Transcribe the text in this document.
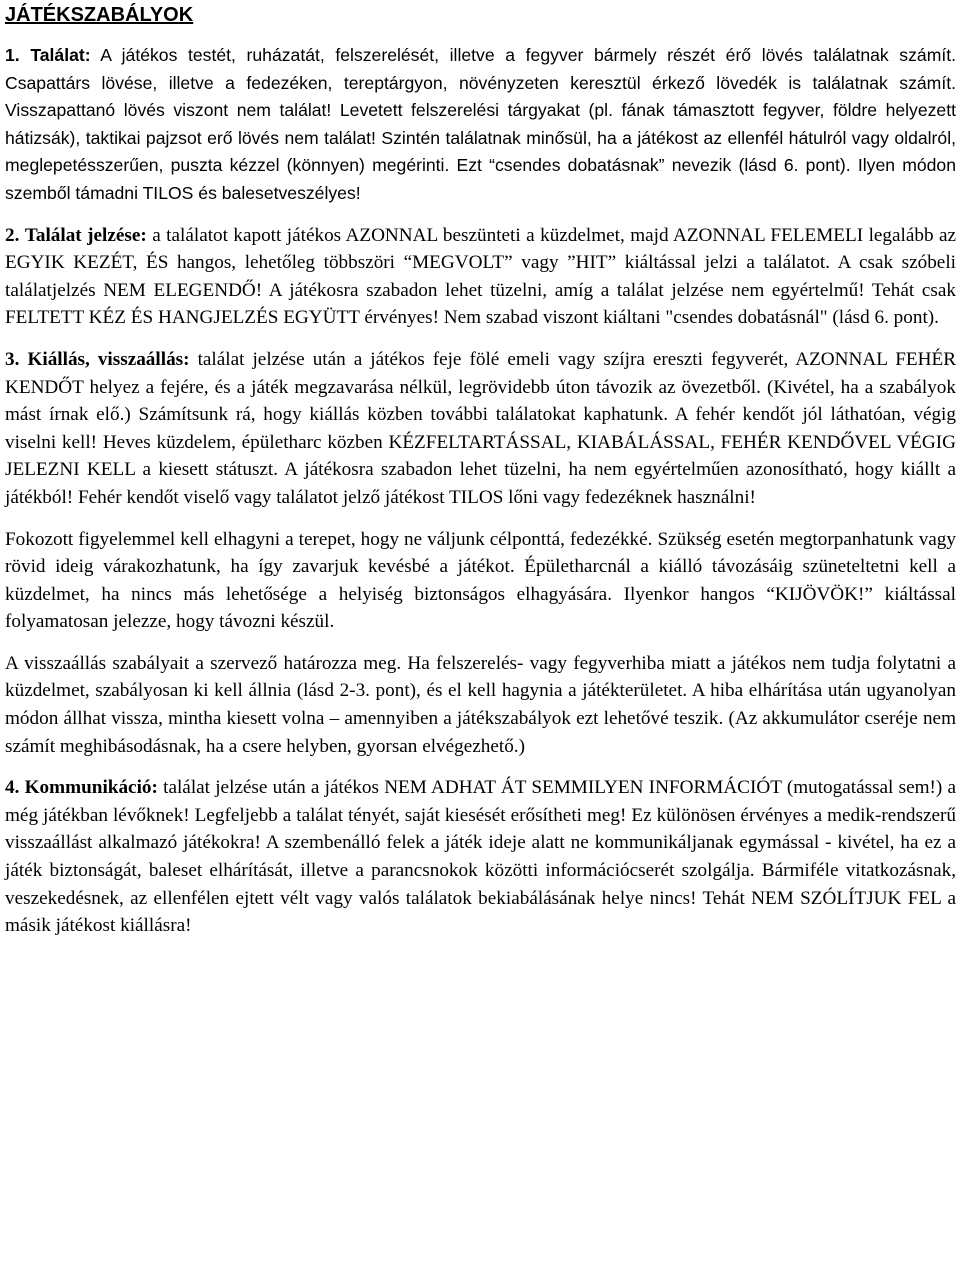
JÁTÉKSZABÁLYOK

1. Találat: A játékos testét, ruházatát, felszerelését, illetve a fegyver bármely részét érő lövés találatnak számít. Csapattárs lövése, illetve a fedezéken, tereptárgyon, növényzeten keresztül érkező lövedék is találatnak számít. Visszapattanó lövés viszont nem találat! Levetett felszerelési tárgyakat (pl. fának támasztott fegyver, földre helyezett hátizsák), taktikai pajzsot erő lövés nem találat! Szintén találatnak minősül, ha a játékost az ellenfél hátulról vagy oldalról, meglepetésszerűen, puszta kézzel (könnyen) megérinti. Ezt “csendes dobatásnak” nevezik (lásd 6. pont). Ilyen módon szemből támadni TILOS és balesetveszélyes!

2. Találat jelzése: a találatot kapott játékos AZONNAL beszünteti a küzdelmet, majd AZONNAL FELEMELI legalább az EGYIK KEZÉT, ÉS hangos, lehetőleg többszöri “MEGVOLT” vagy ”HIT” kiáltással jelzi a találatot. A csak szóbeli találatjelzés NEM ELEGENDŐ! A játékosra szabadon lehet tüzelni, amíg a találat jelzése nem egyértelmű! Tehát csak FELTETT KÉZ ÉS HANGJELZÉS EGYÜTT érvényes! Nem szabad viszont kiáltani "csendes dobatásnál" (lásd 6. pont).

3. Kiállás, visszaállás: találat jelzése után a játékos feje fölé emeli vagy szíjra ereszti fegyverét, AZONNAL FEHÉR KENDŐT helyez a fejére, és a játék megzavarása nélkül, legrövidebb úton távozik az övezetből. (Kivétel, ha a szabályok mást írnak elő.) Számítsunk rá, hogy kiállás közben további találatokat kaphatunk. A fehér kendőt jól láthatóan, végig viselni kell! Heves küzdelem, épületharc közben KÉZFELTARTÁSSAL, KIABÁLÁSSAL, FEHÉR KENDŐVEL VÉGIG JELEZNI KELL a kiesett státuszt. A játékosra szabadon lehet tüzelni, ha nem egyértelműen azonosítható, hogy kiállt a játékból! Fehér kendőt viselő vagy találatot jelző játékost TILOS lőni vagy fedezéknek használni!

Fokozott figyelemmel kell elhagyni a terepet, hogy ne váljunk célponttá, fedezékké. Szükség esetén megtorpanhatunk vagy rövid ideig várakozhatunk, ha így zavarjuk kevésbé a játékot. Épületharcnál a kiálló távozásáig szüneteltetni kell a küzdelmet, ha nincs más lehetősége a helyiség biztonságos elhagyására. Ilyenkor hangos “KIJÖVÖK!” kiáltással folyamatosan jelezze, hogy távozni készül.

A visszaállás szabályait a szervező határozza meg. Ha felszerelés- vagy fegyverhiba miatt a játékos nem tudja folytatni a küzdelmet, szabályosan ki kell állnia (lásd 2-3. pont), és el kell hagynia a játékterületet. A hiba elhárítása után ugyanolyan módon állhat vissza, mintha kiesett volna – amennyiben a játékszabályok ezt lehetővé teszik. (Az akkumulátor cseréje nem számít meghibásodásnak, ha a csere helyben, gyorsan elvégezhető.)

4. Kommunikáció: találat jelzése után a játékos NEM ADHAT ÁT SEMMILYEN INFORMÁCIÓT (mutogatással sem!) a még játékban lévőknek! Legfeljebb a találat tényét, saját kiesését erősítheti meg! Ez különösen érvényes a medik-rendszerű visszaállást alkalmazó játékokra! A szembenálló felek a játék ideje alatt ne kommunikáljanak egymással - kivétel, ha ez a játék biztonságát, baleset elhárítását, illetve a parancsnokok közötti információcserét szolgálja. Bármiféle vitatkozásnak, veszekedésnek, az ellenfélen ejtett vélt vagy valós találatok bekiabálásának helye nincs! Tehát NEM SZÓLÍTJUK FEL a másik játékost kiállásra!
